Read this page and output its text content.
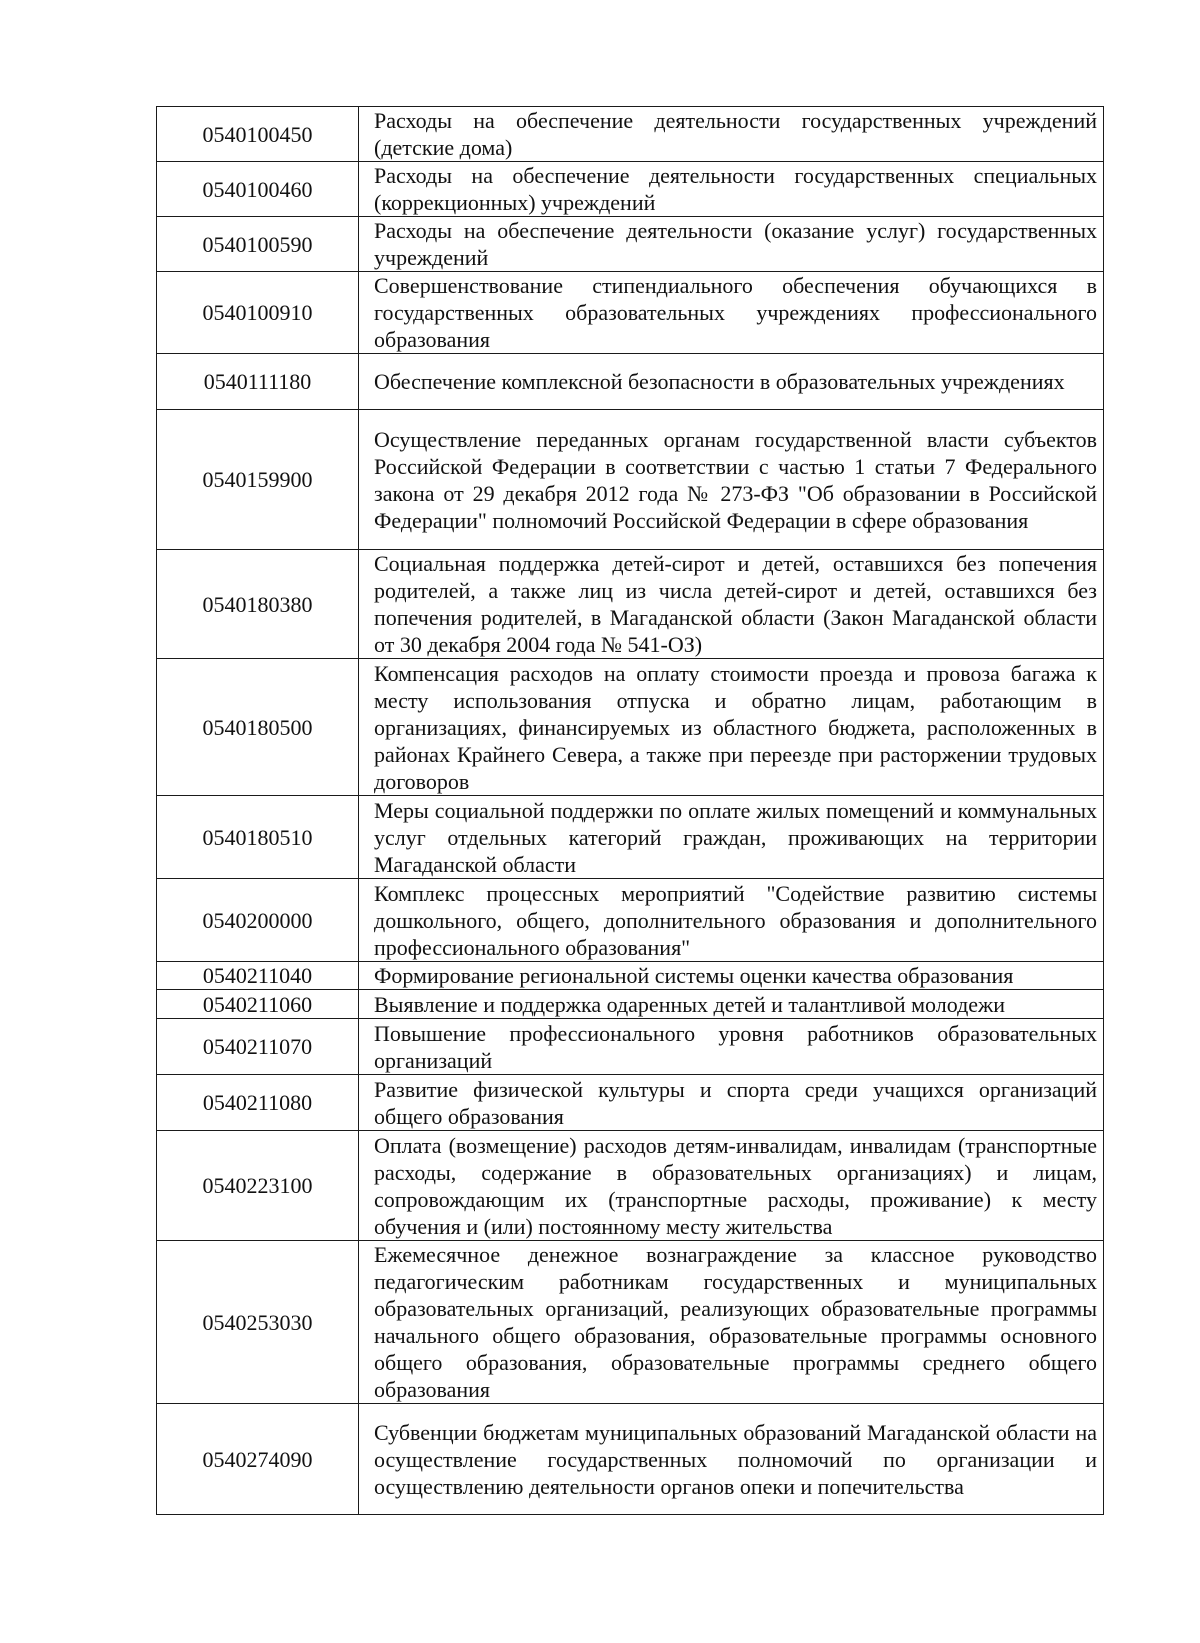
0540100450	Расходы на обеспечение деятельности государственных учреждений (детские дома)
0540100460	Расходы на обеспечение деятельности государственных специальных (коррекционных) учреждений
0540100590	Расходы на обеспечение деятельности (оказание услуг) государственных учреждений
0540100910	Совершенствование стипендиального обеспечения обучающихся в государственных образовательных учреждениях профессионального образования
0540111180	Обеспечение комплексной безопасности в образовательных учреждениях
0540159900	Осуществление переданных органам государственной власти субъектов Российской Федерации в соответствии с частью 1 статьи 7 Федерального закона от 29 декабря 2012 года № 273-ФЗ "Об образовании в Российской Федерации" полномочий Российской Федерации в сфере образования
0540180380	Социальная поддержка детей-сирот и детей, оставшихся без попечения родителей, а также лиц из числа детей-сирот и детей, оставшихся без попечения родителей, в Магаданской области (Закон Магаданской области от 30 декабря 2004 года № 541-ОЗ)
0540180500	Компенсация расходов на оплату стоимости проезда и провоза багажа к месту использования отпуска и обратно лицам, работающим в организациях, финансируемых из областного бюджета, расположенных в районах Крайнего Севера, а также при переезде при расторжении трудовых договоров
0540180510	Меры социальной поддержки по оплате жилых помещений и коммунальных услуг отдельных категорий граждан, проживающих на территории Магаданской области
0540200000	Комплекс процессных мероприятий "Содействие развитию системы дошкольного, общего, дополнительного образования и дополнительного профессионального образования"
0540211040	Формирование региональной системы оценки качества образования
0540211060	Выявление и поддержка одаренных детей и талантливой молодежи
0540211070	Повышение профессионального уровня работников образовательных организаций
0540211080	Развитие физической культуры и спорта среди учащихся организаций общего образования
0540223100	Оплата (возмещение) расходов детям-инвалидам, инвалидам (транспортные расходы, содержание в образовательных организациях) и лицам, сопровождающим их (транспортные расходы, проживание) к месту обучения и (или) постоянному месту жительства
0540253030	Ежемесячное денежное вознаграждение за классное руководство педагогическим работникам государственных и муниципальных образовательных организаций, реализующих образовательные программы начального общего образования, образовательные программы основного общего образования, образовательные программы среднего общего образования
0540274090	Субвенции бюджетам муниципальных образований Магаданской области на осуществление государственных полномочий по организации и осуществлению деятельности органов опеки и попечительства
